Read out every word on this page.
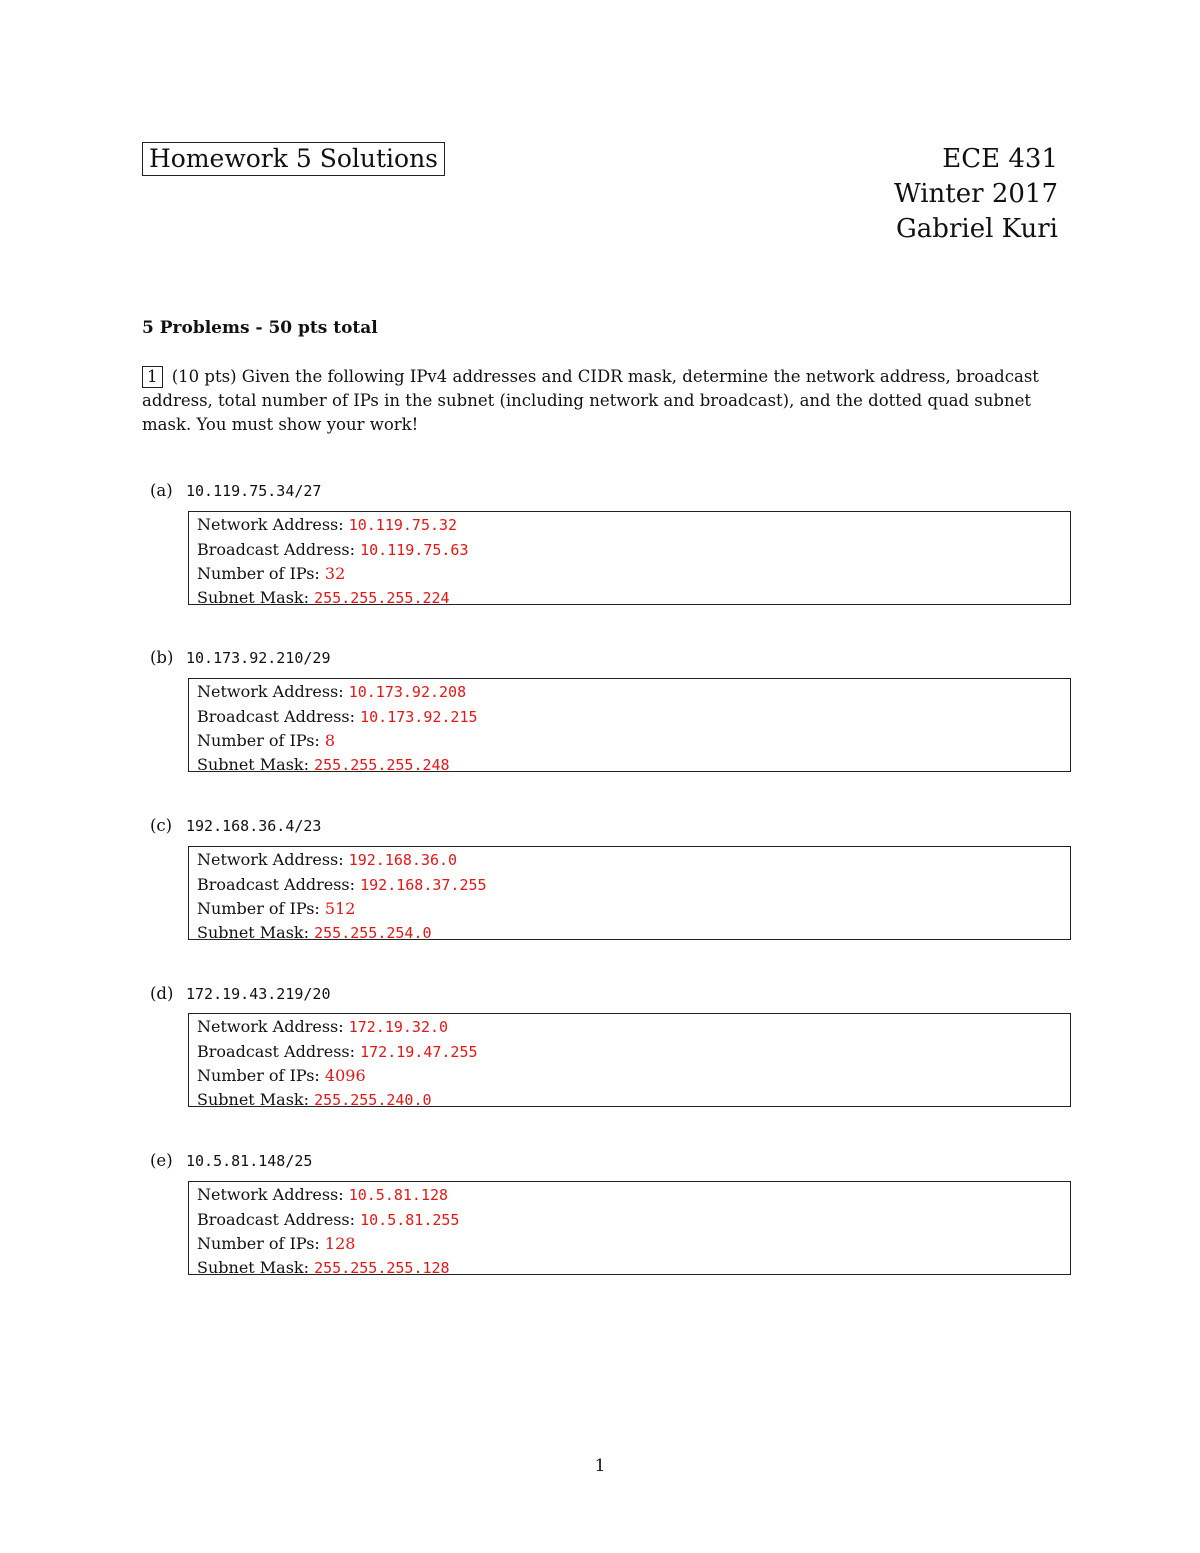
Homework 5 Solutions	ECE 431
Winter 2017
Gabriel Kuri
5 Problems - 50 pts total
1 (10 pts) Given the following IPv4 addresses and CIDR mask, determine the network address, broadcast address, total number of IPs in the subnet (including network and broadcast), and the dotted quad subnet mask. You must show your work!
(a) 10.119.75.34/27
Network Address: 10.119.75.32
Broadcast Address: 10.119.75.63
Number of IPs: 32
Subnet Mask: 255.255.255.224
(b) 10.173.92.210/29
Network Address: 10.173.92.208
Broadcast Address: 10.173.92.215
Number of IPs: 8
Subnet Mask: 255.255.255.248
(c) 192.168.36.4/23
Network Address: 192.168.36.0
Broadcast Address: 192.168.37.255
Number of IPs: 512
Subnet Mask: 255.255.254.0
(d) 172.19.43.219/20
Network Address: 172.19.32.0
Broadcast Address: 172.19.47.255
Number of IPs: 4096
Subnet Mask: 255.255.240.0
(e) 10.5.81.148/25
Network Address: 10.5.81.128
Broadcast Address: 10.5.81.255
Number of IPs: 128
Subnet Mask: 255.255.255.128
1
